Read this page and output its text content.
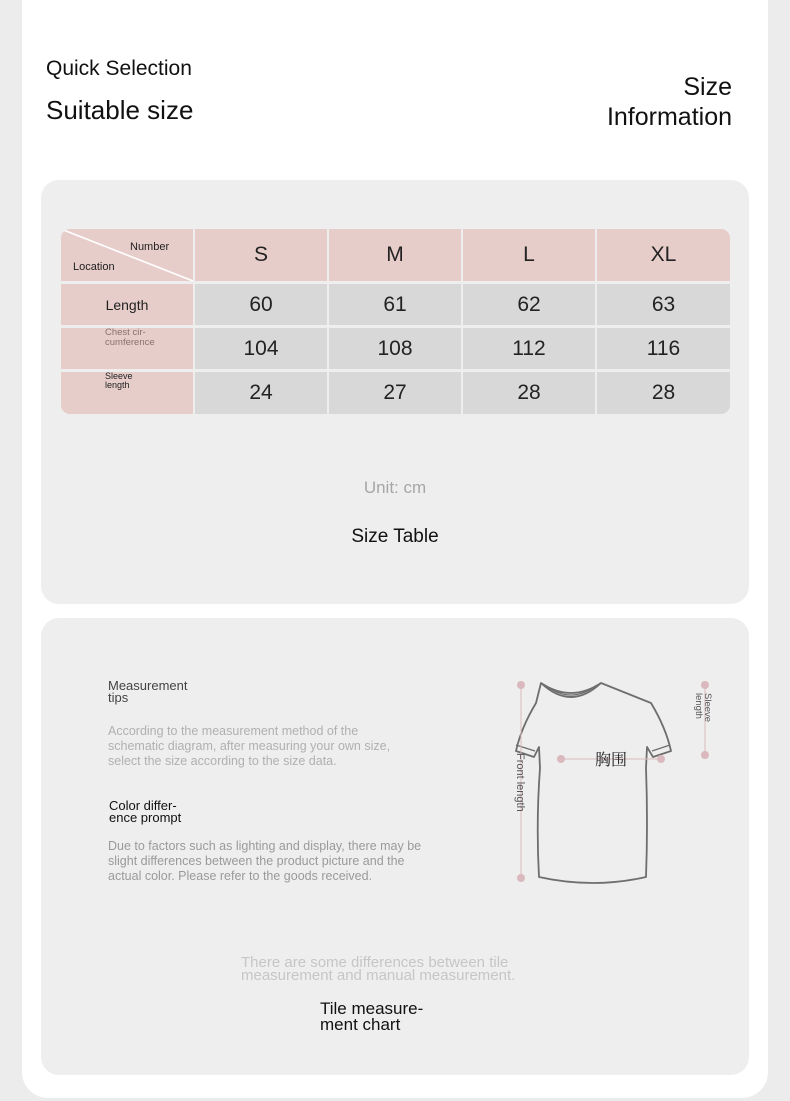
Quick Selection
Suitable size
Size
Information
Number
Location
S	M	L	XL
Length	60	61	62	63
Chest cir-
cumference	104	108	112	116
Sleeve
length	24	27	28	28
Unit: cm
Size Table
Measurement
tips
According to the measurement method of the schematic diagram, after measuring your own size, select the size according to the size data.
Color differ-
ence prompt
Due to factors such as lighting and display, there may be slight differences between the product picture and the actual color. Please refer to the goods received.
胸围
Front length
Sleeve
length
There are some differences between tile
measurement and manual measurement.
Tile measure-
ment chart
